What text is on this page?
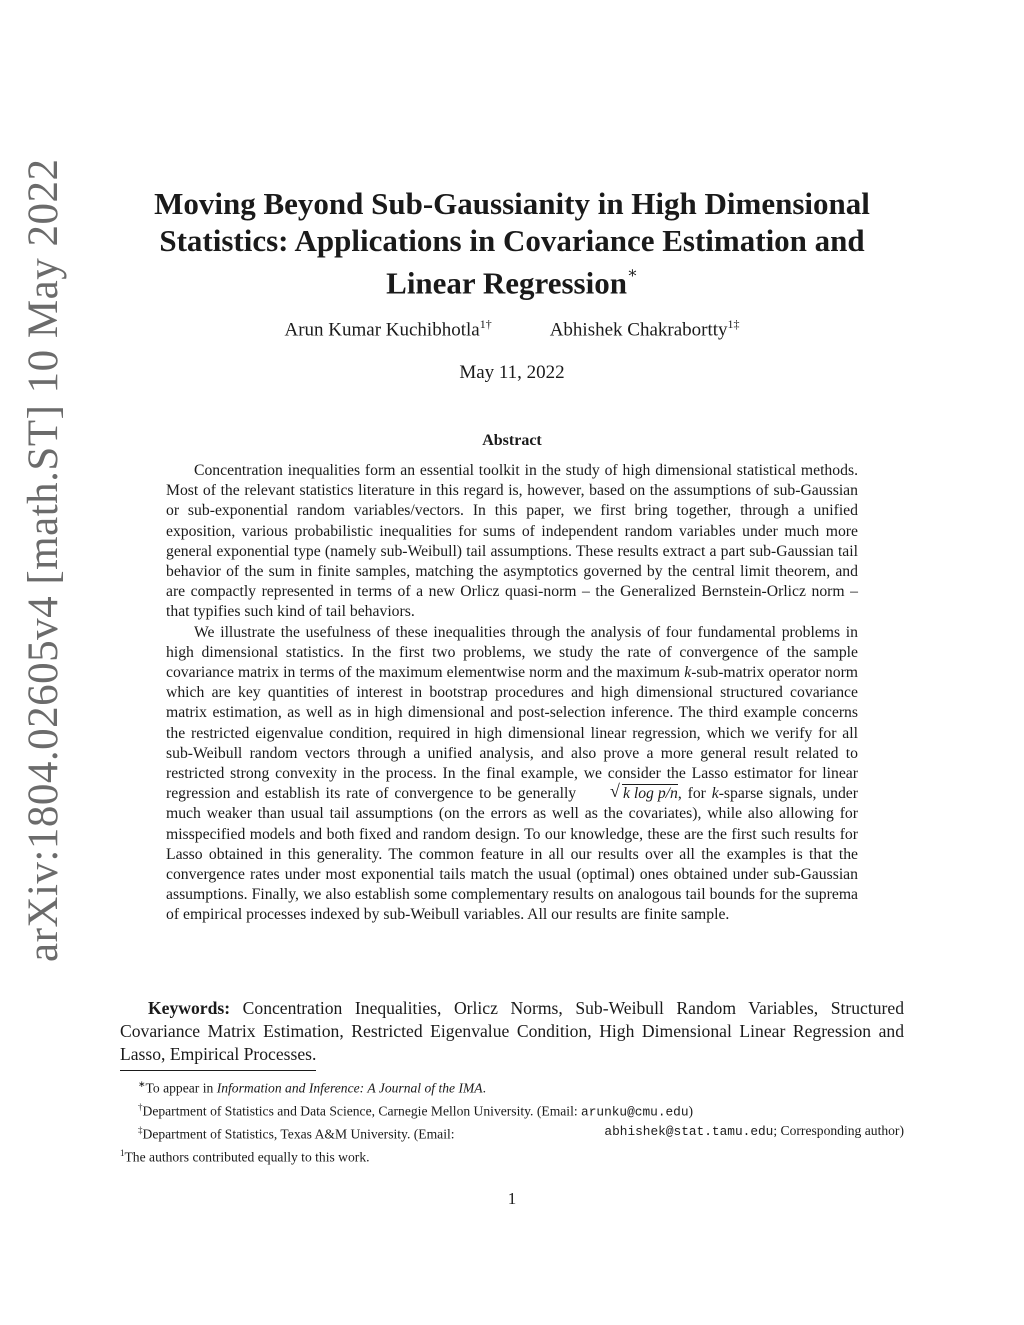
arXiv:1804.02605v4 [math.ST] 10 May 2022	Moving Beyond Sub-Gaussianity in High Dimensional
Statistics: Applications in Covariance Estimation and
Linear Regression∗
Arun Kumar Kuchibhotla$^{1\dagger}$	Abhishek Chakrabortty$^{1\ddagger}$
May 11, 2022
Abstract

Concentration inequalities form an essential toolkit in the study of high dimensional statistical methods. Most of the relevant statistics literature in this regard is, however, based on the assumptions of sub-Gaussian or sub-exponential random variables/vectors. In this paper, we first bring together, through a unified exposition, various probabilistic inequalities for sums of independent random variables under much more general exponential type (namely sub-Weibull) tail assumptions. These results extract a part sub-Gaussian tail behavior of the sum in finite samples, matching the asymptotics governed by the central limit theorem, and are compactly represented in terms of a new Orlicz quasi-norm – the Generalized Bernstein-Orlicz norm – that typifies such kind of tail behaviors.

We illustrate the usefulness of these inequalities through the analysis of four fundamental problems in high dimensional statistics. In the first two problems, we study the rate of convergence of the sample covariance matrix in terms of the maximum elementwise norm and the maximum k-sub-matrix operator norm which are key quantities of interest in bootstrap procedures and high dimensional structured covariance matrix estimation, as well as in high dimensional and post-selection inference. The third example concerns the restricted eigenvalue condition, required in high dimensional linear regression, which we verify for all sub-Weibull random vectors through a unified analysis, and also prove a more general result related to restricted strong convexity in the process. In the final example, we consider the Lasso estimator for linear regression and establish its rate of convergence to be generally	√ k log p/n, for k-sparse signals, under much weaker than usual tail assumptions (on the errors as well as the covariates), while also allowing for misspecified models and both fixed and random design. To our knowledge, these are the first such results for Lasso obtained in this generality. The common feature in all our results over all the examples is that the convergence rates under most exponential tails match the usual (optimal) ones obtained under sub-Gaussian assumptions. Finally, we also establish some complementary results on analogous tail bounds for the suprema of empirical processes indexed by sub-Weibull variables. All our results are finite sample.

Keywords: Concentration Inequalities, Orlicz Norms, Sub-Weibull Random Variables, Structured Covariance Matrix Estimation, Restricted Eigenvalue Condition, High Dimensional Linear Regression and Lasso, Empirical Processes.

∗To appear in Information and Inference: A Journal of the IMA.
†Department of Statistics and Data Science, Carnegie Mellon University. (Email: arunku@cmu.edu)
‡Department of Statistics, Texas A&M University. (Email:	abhishek@stat.tamu.edu; Corresponding author)
$^1$The authors contributed equally to this work.
1
